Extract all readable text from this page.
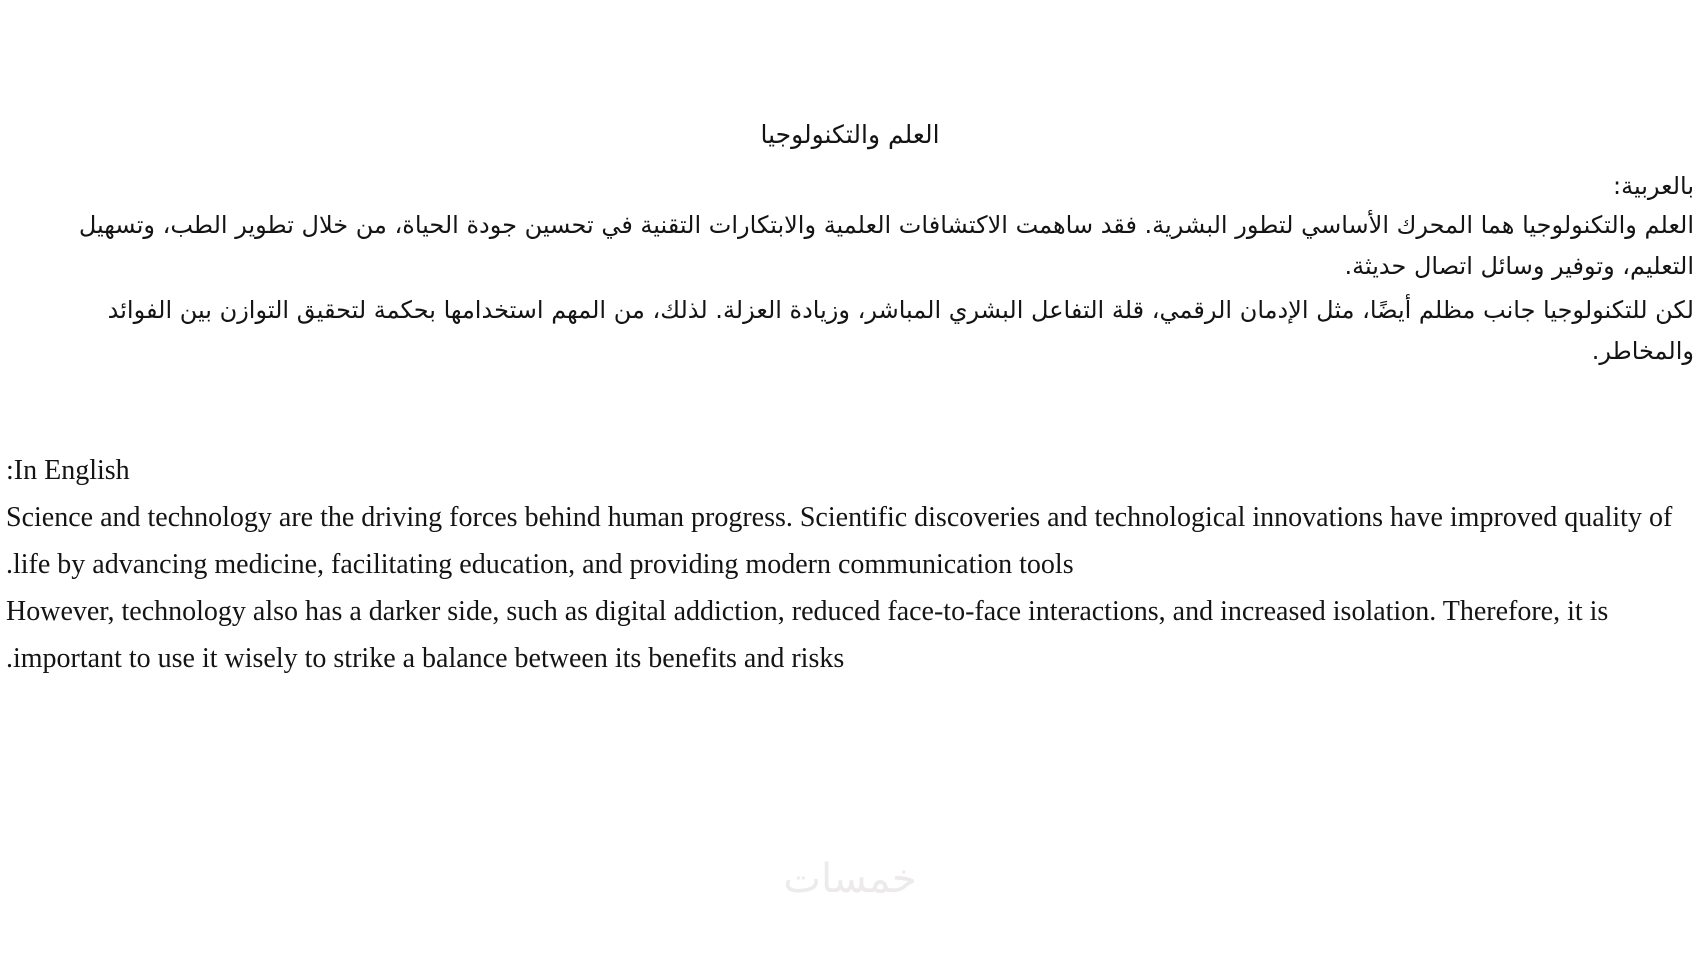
العلم والتكنولوجيا

بالعربية:

العلم والتكنولوجيا هما المحرك الأساسي لتطور البشرية. فقد ساهمت الاكتشافات العلمية والابتكارات التقنية في تحسين جودة الحياة، من خلال تطوير الطب، وتسهيل التعليم، وتوفير وسائل اتصال حديثة.

لكن للتكنولوجيا جانب مظلم أيضًا، مثل الإدمان الرقمي، قلة التفاعل البشري المباشر، وزيادة العزلة. لذلك، من المهم استخدامها بحكمة لتحقيق التوازن بين الفوائد والمخاطر.

In English:

Science and technology are the driving forces behind human progress. Scientific discoveries and technological innovations have improved quality of life by advancing medicine, facilitating education, and providing modern communication tools.

However, technology also has a darker side, such as digital addiction, reduced face-to-face interactions, and increased isolation. Therefore, it is important to use it wisely to strike a balance between its benefits and risks.

خمسات
